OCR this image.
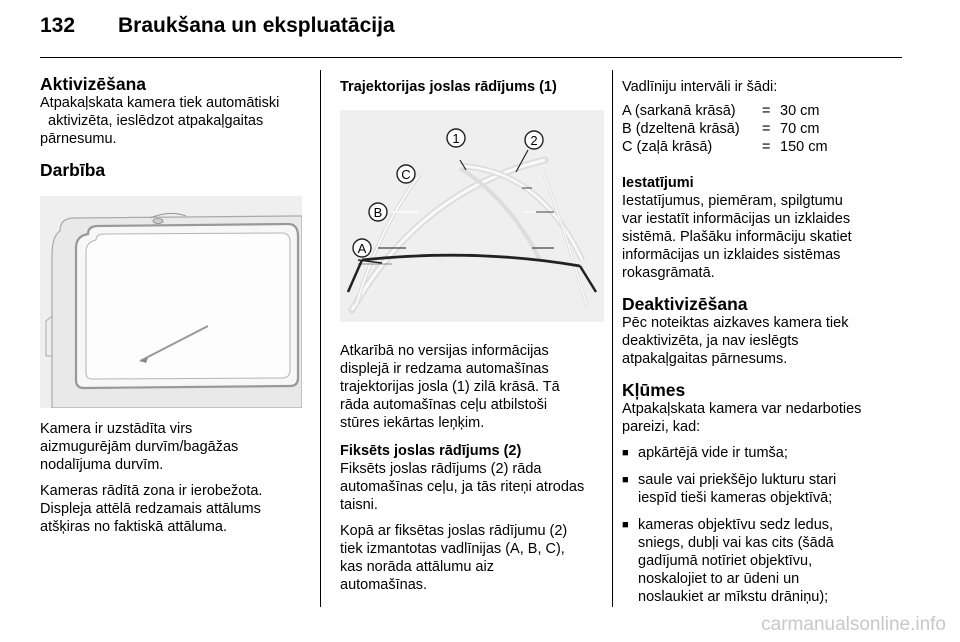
132 Braukšana un ekspluatācija
Aktivizēšana

Atpakaļskata kamera tiek automātiski

aktivizēta, ieslēdzot atpakaļgaitas

pārnesumu.

Darbība

Kamera ir uzstādīta virs

aizmugurējām durvīm/bagāžas

nodalījuma durvīm.

Kameras rādītā zona ir ierobežota.

Displeja attēlā redzamais attālums

atšķiras no faktiskā attāluma.

Trajektorijas joslas rādījums (1)
1	2
C
B
A

Atkarībā no versijas informācijas

displejā ir redzama automašīnas

trajektorijas josla (1) zilā krāsā. Tā

rāda automašīnas ceļu atbilstoši

stūres iekārtas leņķim.

Fiksēts joslas rādījums (2)

Fiksēts joslas rādījums (2) rāda

automašīnas ceļu, ja tās riteņi atrodas

taisni.

Kopā ar fiksētas joslas rādījumu (2)

tiek izmantotas vadlīnijas (A, B, C),

kas norāda attālumu aiz

automašīnas.

Vadlīniju intervāli ir šādi:

A (sarkanā krāsā)	=	30 cm
B (dzeltenā krāsā)	=	70 cm
C (zaļā krāsā)	=	150 cm
Iestatījumi

Iestatījumus, piemēram, spilgtumu

var iestatīt informācijas un izklaides

sistēmā. Plašāku informāciju skatiet

informācijas un izklaides sistēmas

rokasgrāmatā.

Deaktivizēšana

Pēc noteiktas aizkaves kamera tiek

deaktivizēta, ja nav ieslēgts

atpakaļgaitas pārnesums.

Kļūmes

Atpakaļskata kamera var nedarboties

pareizi, kad:

■ apkārtējā vide ir tumša;
■ saule vai priekšējo lukturu stari
iespīd tieši kameras objektīvā;
■ kameras objektīvu sedz ledus,
sniegs, dubļi vai kas cits (šādā
gadījumā notīriet objektīvu,
noskalojiet to ar ūdeni un
noslaukiet ar mīkstu drāniņu);
carmanualsonline.info
